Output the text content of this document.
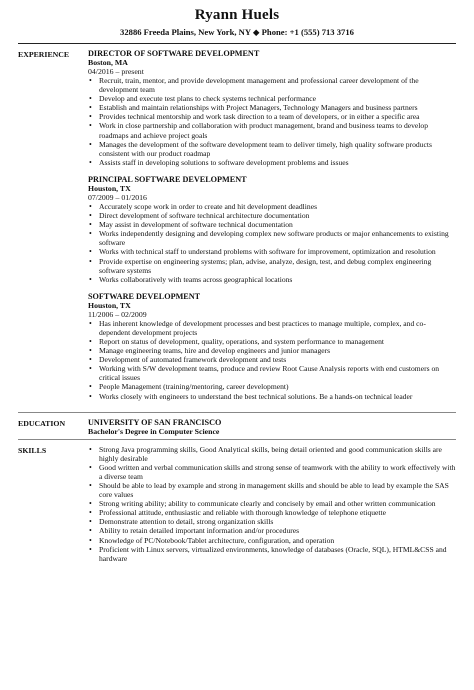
Ryann Huels
32886 Freeda Plains, New York, NY ◆ Phone: +1 (555) 713 3716
EXPERIENCE	DIRECTOR OF SOFTWARE DEVELOPMENT
Boston, MA
04/2016 – present
• Recruit, train, mentor, and provide development management and professional career development of the development team
• Develop and execute test plans to check systems technical performance
• Establish and maintain relationships with Project Managers, Technology Managers and business partners
• Provides technical mentorship and work task direction to a team of developers, or in either a specific area
• Work in close partnership and collaboration with product management, brand and business teams to develop roadmaps and achieve project goals
• Manages the development of the software development team to deliver timely, high quality software products consistent with our product roadmap
• Assists staff in developing solutions to software development problems and issues
PRINCIPAL SOFTWARE DEVELOPMENT
Houston, TX
07/2009 – 01/2016
• Accurately scope work in order to create and hit development deadlines
• Direct development of software technical architecture documentation
• May assist in development of software technical documentation
• Works independently designing and developing complex new software products or major enhancements to existing software
• Works with technical staff to understand problems with software for improvement, optimization and resolution
• Provide expertise on engineering systems; plan, advise, analyze, design, test, and debug complex engineering software systems
• Works collaboratively with teams across geographical locations
SOFTWARE DEVELOPMENT
Houston, TX
11/2006 – 02/2009
• Has inherent knowledge of development processes and best practices to manage multiple, complex, and co-dependent development projects
• Report on status of development, quality, operations, and system performance to management
• Manage engineering teams, hire and develop engineers and junior managers
• Development of automated framework development and tests
• Working with S/W development teams, produce and review Root Cause Analysis reports with end customers on critical issues
• People Management (training/mentoring, career development)
• Works closely with engineers to understand the best technical solutions. Be a hands-on technical leader
EDUCATION	UNIVERSITY OF SAN FRANCISCO
Bachelor's Degree in Computer Science
SKILLS
•	Strong Java programming skills, Good Analytical skills, being detail oriented and good communication skills are highly desirable
• Good written and verbal communication skills and strong sense of teamwork with the ability to work effectively with a diverse team
• Should be able to lead by example and strong in management skills and should be able to lead by example the SAS core values
• Strong writing ability; ability to communicate clearly and concisely by email and other written communication
• Professional attitude, enthusiastic and reliable with thorough knowledge of telephone etiquette
• Demonstrate attention to detail, strong organization skills
• Ability to retain detailed important information and/or procedures
• Knowledge of PC/Notebook/Tablet architecture, configuration, and operation
• Proficient with Linux servers, virtualized environments, knowledge of databases (Oracle, SQL), HTML&CSS and hardware
